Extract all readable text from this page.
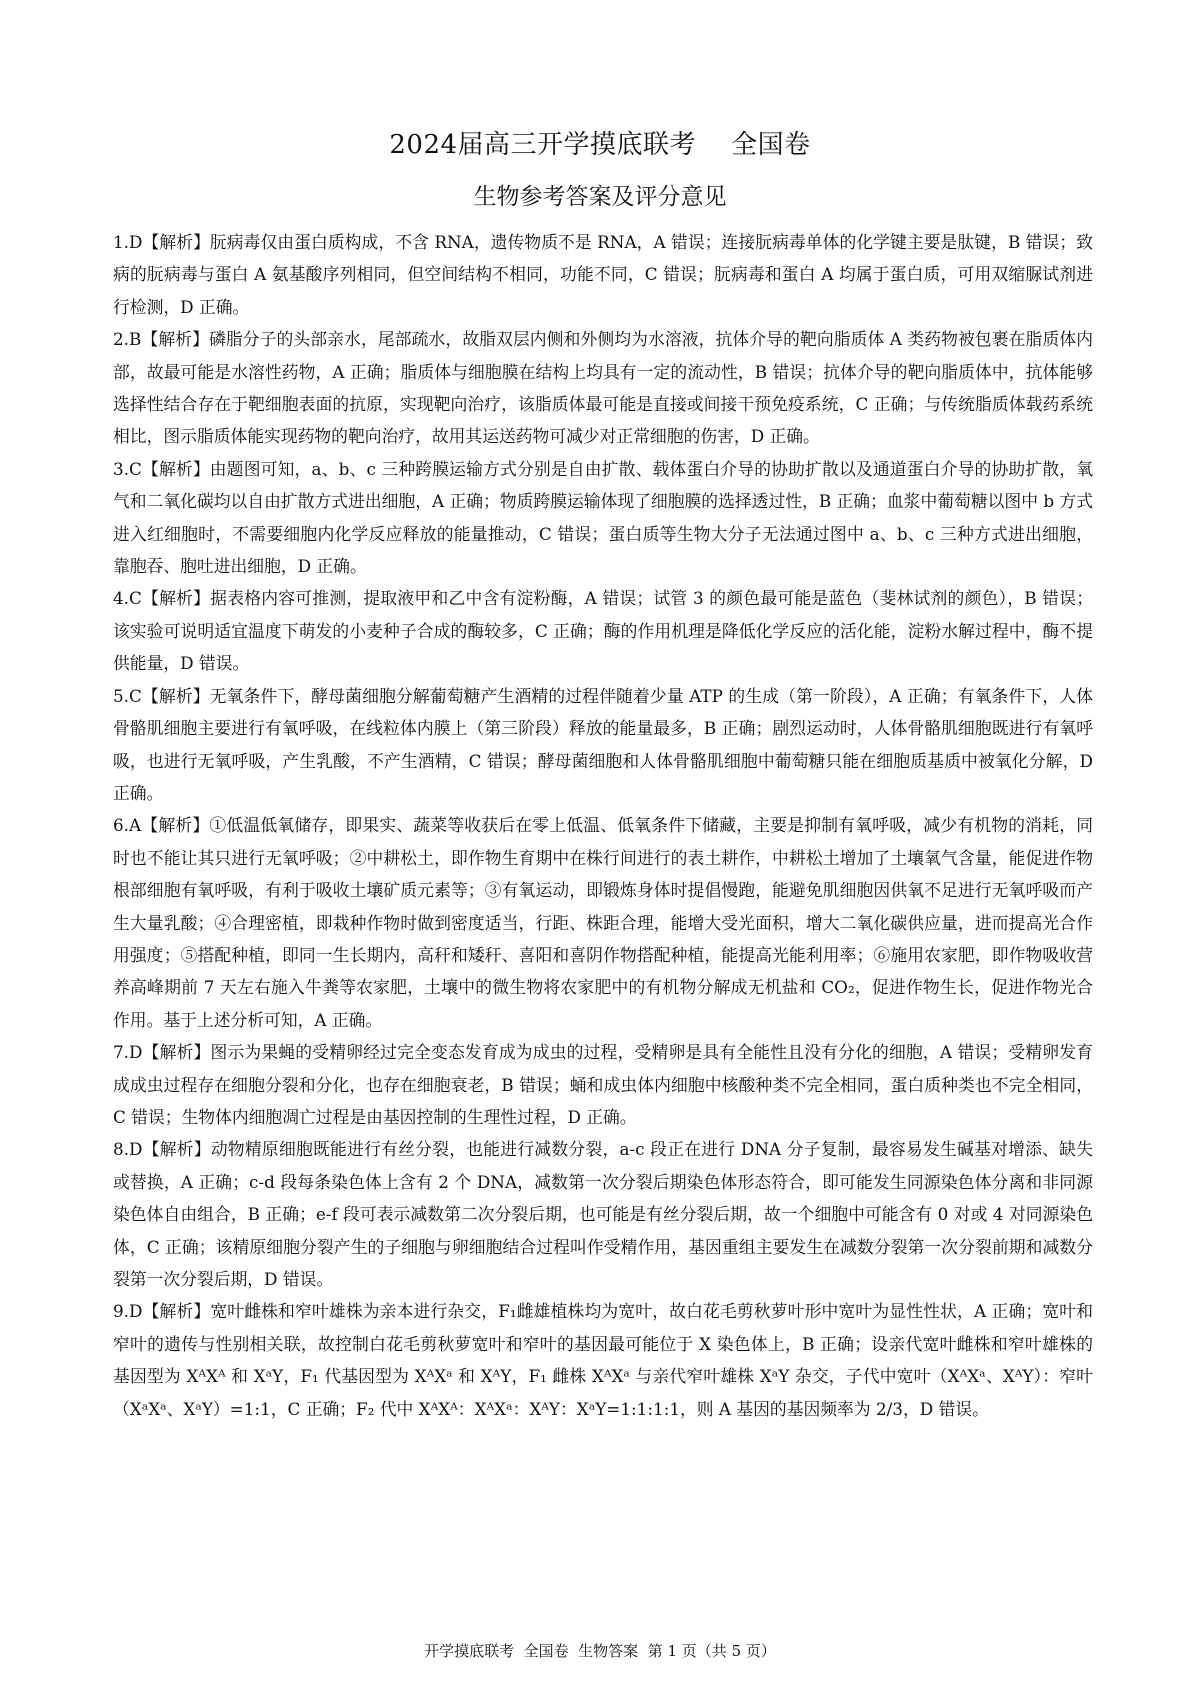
2024届高三开学摸底联考    全国卷
生物参考答案及评分意见

1.D【解析】朊病毒仅由蛋白质构成，不含 RNA，遗传物质不是 RNA，A 错误；连接朊病毒单体的化学键主要是肽键，B 错误；致病的朊病毒与蛋白 A 氨基酸序列相同，但空间结构不相同，功能不同，C 错误；朊病毒和蛋白 A 均属于蛋白质，可用双缩脲试剂进行检测，D 正确。

2.B【解析】磷脂分子的头部亲水，尾部疏水，故脂双层内侧和外侧均为水溶液，抗体介导的靶向脂质体 A 类药物被包裹在脂质体内部，故最可能是水溶性药物，A 正确；脂质体与细胞膜在结构上均具有一定的流动性，B 错误；抗体介导的靶向脂质体中，抗体能够选择性结合存在于靶细胞表面的抗原，实现靶向治疗，该脂质体最可能是直接或间接干预免疫系统，C 正确；与传统脂质体载药系统相比，图示脂质体能实现药物的靶向治疗，故用其运送药物可减少对正常细胞的伤害，D 正确。

3.C【解析】由题图可知，a、b、c 三种跨膜运输方式分别是自由扩散、载体蛋白介导的协助扩散以及通道蛋白介导的协助扩散，氧气和二氧化碳均以自由扩散方式进出细胞，A 正确；物质跨膜运输体现了细胞膜的选择透过性，B 正确；血浆中葡萄糖以图中 b 方式进入红细胞时，不需要细胞内化学反应释放的能量推动，C 错误；蛋白质等生物大分子无法通过图中 a、b、c 三种方式进出细胞，靠胞吞、胞吐进出细胞，D 正确。

4.C【解析】据表格内容可推测，提取液甲和乙中含有淀粉酶，A 错误；试管 3 的颜色最可能是蓝色（斐林试剂的颜色），B 错误；该实验可说明适宜温度下萌发的小麦种子合成的酶较多，C 正确；酶的作用机理是降低化学反应的活化能，淀粉水解过程中，酶不提供能量，D 错误。

5.C【解析】无氧条件下，酵母菌细胞分解葡萄糖产生酒精的过程伴随着少量 ATP 的生成（第一阶段），A 正确；有氧条件下，人体骨骼肌细胞主要进行有氧呼吸，在线粒体内膜上（第三阶段）释放的能量最多，B 正确；剧烈运动时，人体骨骼肌细胞既进行有氧呼吸，也进行无氧呼吸，产生乳酸，不产生酒精，C 错误；酵母菌细胞和人体骨骼肌细胞中葡萄糖只能在细胞质基质中被氧化分解，D 正确。

6.A【解析】①低温低氧储存，即果实、蔬菜等收获后在零上低温、低氧条件下储藏，主要是抑制有氧呼吸，减少有机物的消耗，同时也不能让其只进行无氧呼吸；②中耕松土，即作物生育期中在株行间进行的表土耕作，中耕松土增加了土壤氧气含量，能促进作物根部细胞有氧呼吸，有利于吸收土壤矿质元素等；③有氧运动，即锻炼身体时提倡慢跑，能避免肌细胞因供氧不足进行无氧呼吸而产生大量乳酸；④合理密植，即栽种作物时做到密度适当，行距、株距合理，能增大受光面积，增大二氧化碳供应量，进而提高光合作用强度；⑤搭配种植，即同一生长期内，高秆和矮秆、喜阳和喜阴作物搭配种植，能提高光能利用率；⑥施用农家肥，即作物吸收营养高峰期前 7 天左右施入牛粪等农家肥，土壤中的微生物将农家肥中的有机物分解成无机盐和 CO₂，促进作物生长，促进作物光合作用。基于上述分析可知，A 正确。

7.D【解析】图示为果蝇的受精卵经过完全变态发育成为成虫的过程，受精卵是具有全能性且没有分化的细胞，A 错误；受精卵发育成成虫过程存在细胞分裂和分化，也存在细胞衰老，B 错误；蛹和成虫体内细胞中核酸种类不完全相同，蛋白质种类也不完全相同，C 错误；生物体内细胞凋亡过程是由基因控制的生理性过程，D 正确。

8.D【解析】动物精原细胞既能进行有丝分裂，也能进行减数分裂，a-c 段正在进行 DNA 分子复制，最容易发生碱基对增添、缺失或替换，A 正确；c-d 段每条染色体上含有 2 个 DNA，减数第一次分裂后期染色体形态符合，即可能发生同源染色体分离和非同源染色体自由组合，B 正确；e-f 段可表示减数第二次分裂后期，也可能是有丝分裂后期，故一个细胞中可能含有 0 对或 4 对同源染色体，C 正确；该精原细胞分裂产生的子细胞与卵细胞结合过程叫作受精作用，基因重组主要发生在减数分裂第一次分裂前期和减数分裂第一次分裂后期，D 错误。

9.D【解析】宽叶雌株和窄叶雄株为亲本进行杂交，F₁雌雄植株均为宽叶，故白花毛剪秋萝叶形中宽叶为显性性状，A 正确；宽叶和窄叶的遗传与性别相关联，故控制白花毛剪秋萝宽叶和窄叶的基因最可能位于 X 染色体上，B 正确；设亲代宽叶雌株和窄叶雄株的基因型为 XᴬXᴬ 和 XᵃY，F₁ 代基因型为 XᴬXᵃ 和 XᴬY，F₁ 雌株 XᴬXᵃ 与亲代窄叶雄株 XᵃY 杂交，子代中宽叶（XᴬXᵃ、XᴬY）：窄叶（XᵃXᵃ、XᵃY）=1:1，C 正确；F₂ 代中 XᴬXᴬ：XᴬXᵃ：XᴬY：XᵃY=1:1:1:1，则 A 基因的基因频率为 2/3，D 错误。

开学摸底联考  全国卷  生物答案  第 1 页（共 5 页）
